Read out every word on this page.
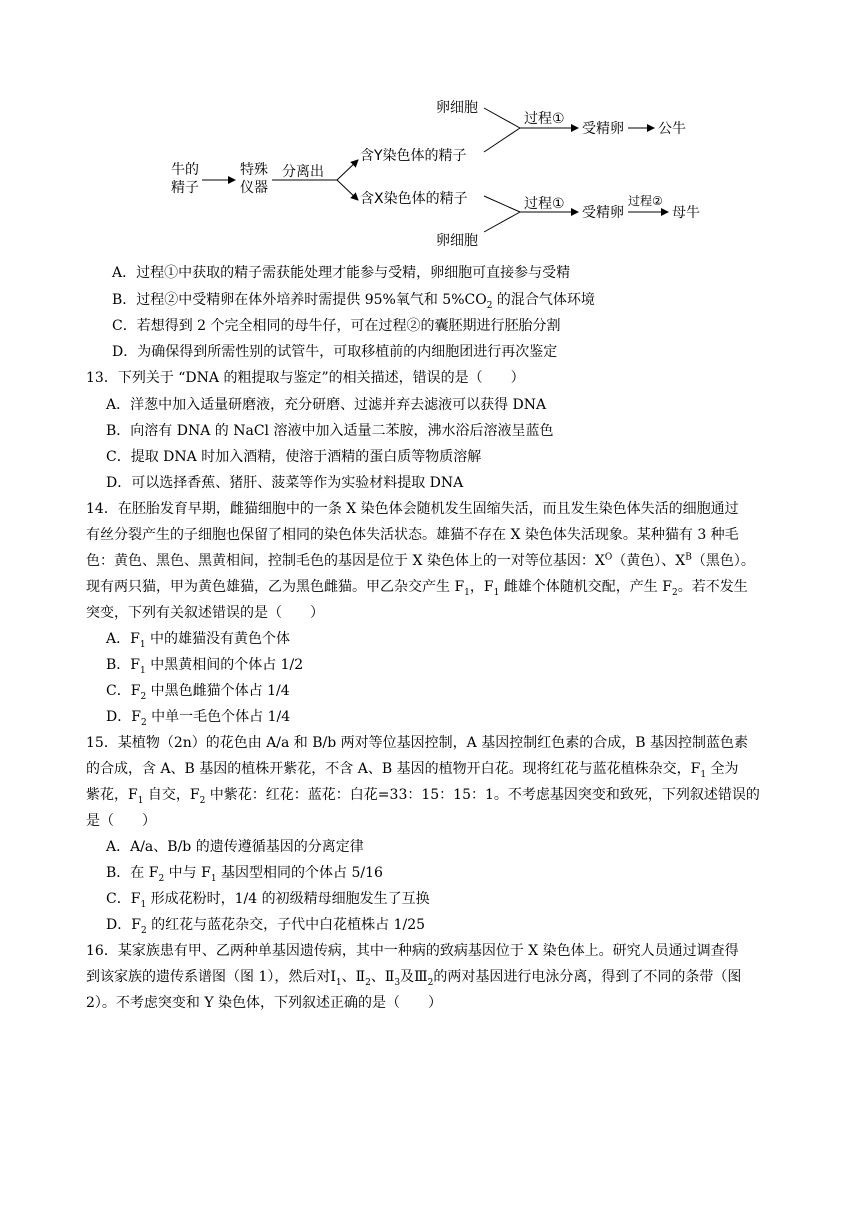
牛的
精子
特殊
仪器
分离出
含Y染色体的精子
含X染色体的精子
卵细胞
过程①
受精卵 公牛
卵细胞
过程①
受精卵
过程②
母牛
A．过程①中获取的精子需获能处理才能参与受精，卵细胞可直接参与受精
B．过程②中受精卵在体外培养时需提供 95%氧气和 $5\%CO_2$ 的混合气体环境
C．若想得到 2 个完全相同的母牛仔，可在过程②的囊胚期进行胚胎分割
D．为确保得到所需性别的试管牛，可取移植前的内细胞团进行再次鉴定
13．下列关于 “DNA 的粗提取与鉴定”的相关描述，错误的是（　　）
A．洋葱中加入适量研磨液，充分研磨、过滤并弃去滤液可以获得 DNA
B．向溶有 DNA 的 NaCl 溶液中加入适量二苯胺，沸水浴后溶液呈蓝色
C．提取 DNA 时加入酒精，使溶于酒精的蛋白质等物质溶解
D．可以选择香蕉、猪肝、菠菜等作为实验材料提取 DNA
14．在胚胎发育早期，雌猫细胞中的一条 X 染色体会随机发生固缩失活，而且发生染色体失活的细胞通过
有丝分裂产生的子细胞也保留了相同的染色体失活状态。雄猫不存在 X 染色体失活现象。某种猫有 3 种毛
色：黄色、黑色、黑黄相间，控制毛色的基因是位于 X 染色体上的一对等位基因：$X^O$（黄色）、$X^B$（黑色）。
现有两只猫，甲为黄色雄猫，乙为黑色雌猫。甲乙杂交产生 $F_1$，$F_1$ 雌雄个体随机交配，产生 $F_2$。若不发生
突变，下列有关叙述错误的是（　　）
A．$F_1$ 中的雄猫没有黄色个体
B．$F_1$ 中黑黄相间的个体占 1/2
C．$F_2$ 中黑色雌猫个体占 1/4
D．$F_2$ 中单一毛色个体占 1/4
15．某植物（2n）的花色由 A/a 和 B/b 两对等位基因控制，A 基因控制红色素的合成，B 基因控制蓝色素
的合成，含 A、B 基因的植株开紫花，不含 A、B 基因的植物开白花。现将红花与蓝花植株杂交，$F_1$ 全为
紫花，$F_1$ 自交，$F_2$ 中紫花：红花：蓝花：白花=33：15：15：1。不考虑基因突变和致死，下列叙述错误的
是（　　）
A．A/a、B/b 的遗传遵循基因的分离定律
B．在 $F_2$ 中与 $F_1$ 基因型相同的个体占 5/16
C．$F_1$ 形成花粉时，1/4 的初级精母细胞发生了互换
D．$F_2$ 的红花与蓝花杂交，子代中白花植株占 1/25
16．某家族患有甲、乙两种单基因遗传病，其中一种病的致病基因位于 X 染色体上。研究人员通过调查得
到该家族的遗传系谱图（图 1），然后对$Ⅰ_1$、$Ⅱ_2$、$Ⅱ_3$及$Ⅲ_2$的两对基因进行电泳分离，得到了不同的条带（图
2）。不考虑突变和 Y 染色体，下列叙述正确的是（　　）
